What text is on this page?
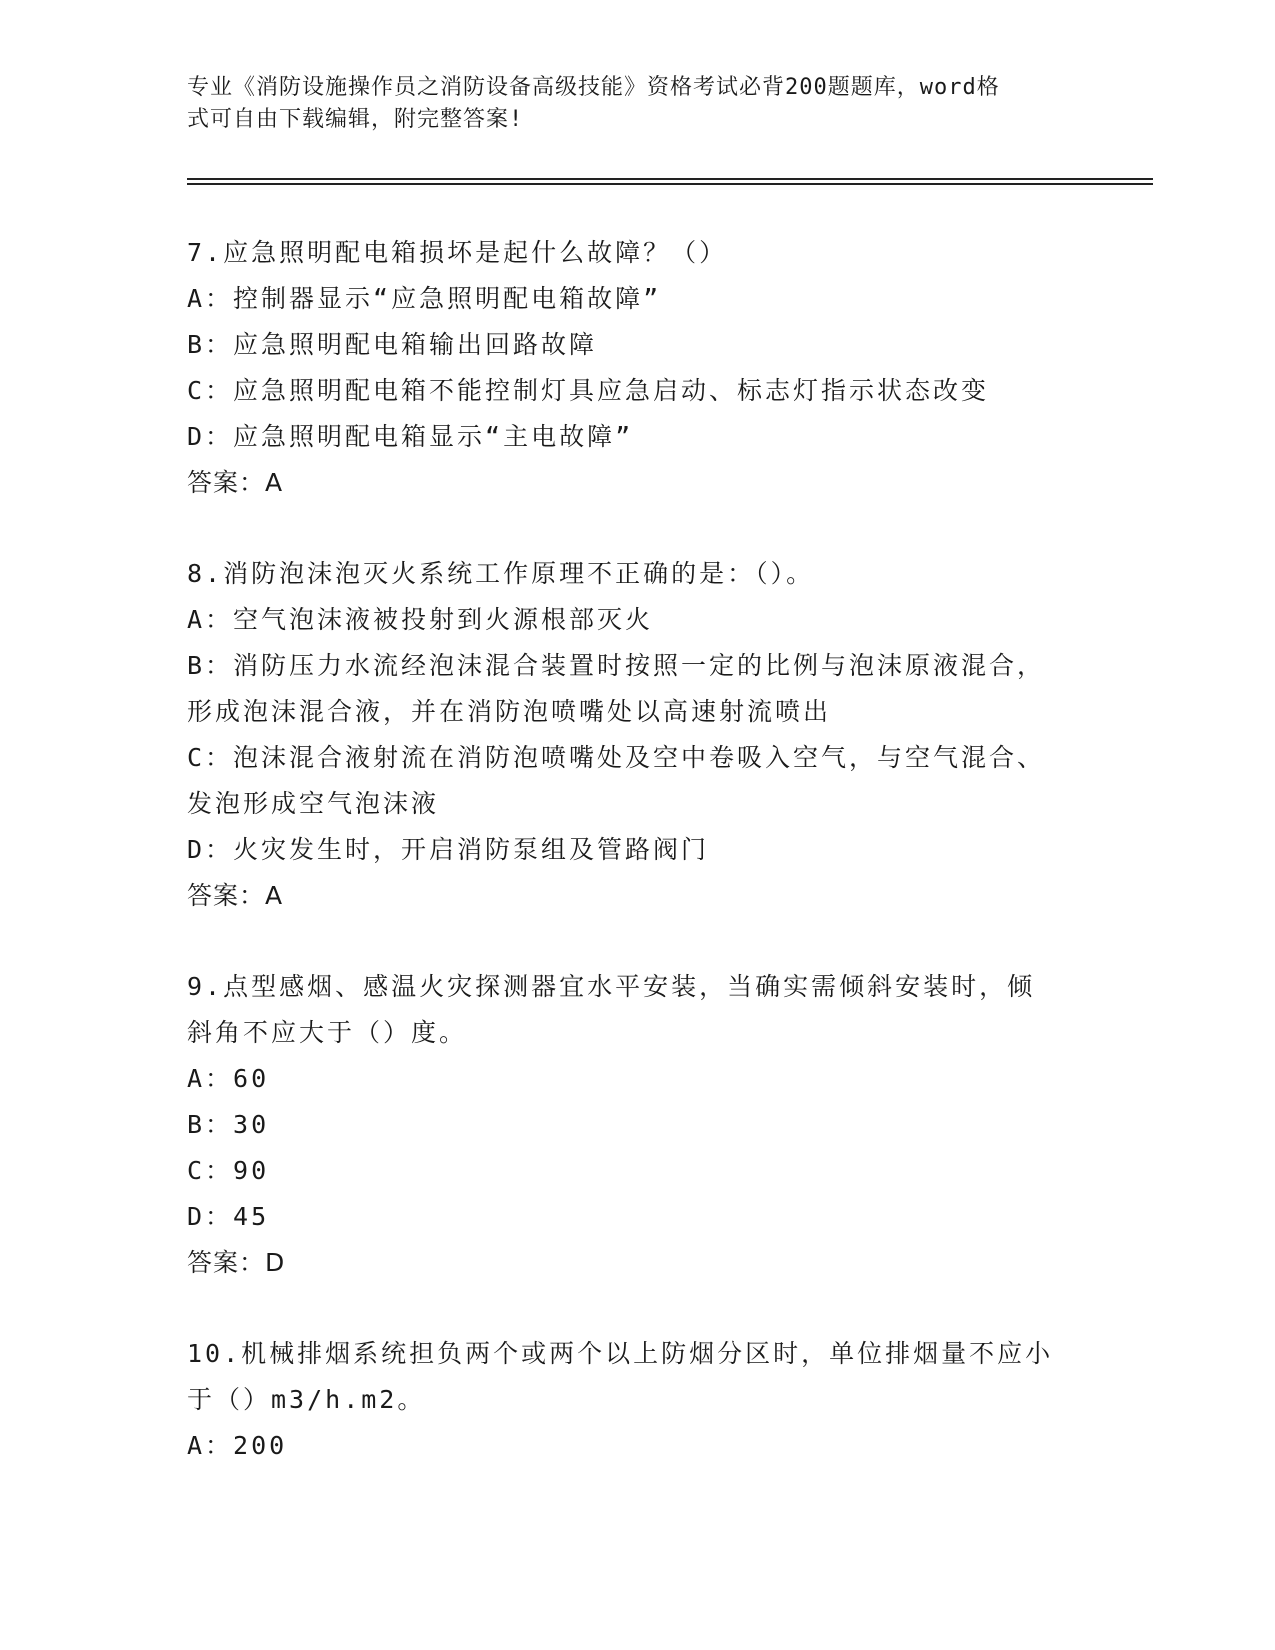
专业《消防设施操作员之消防设备高级技能》资格考试必背200题题库，word格
式可自由下载编辑，附完整答案!
7.应急照明配电箱损坏是起什么故障？（）
A：控制器显示“应急照明配电箱故障”
B：应急照明配电箱输出回路故障
C：应急照明配电箱不能控制灯具应急启动、标志灯指示状态改变
D：应急照明配电箱显示“主电故障”
答案：A
8.消防泡沫泡灭火系统工作原理不正确的是：（）。
A：空气泡沫液被投射到火源根部灭火
B：消防压力水流经泡沫混合装置时按照一定的比例与泡沫原液混合，
形成泡沫混合液，并在消防泡喷嘴处以高速射流喷出
C：泡沫混合液射流在消防泡喷嘴处及空中卷吸入空气，与空气混合、
发泡形成空气泡沫液
D：火灾发生时，开启消防泵组及管路阀门
答案：A
9.点型感烟、感温火灾探测器宜水平安装，当确实需倾斜安装时，倾
斜角不应大于（）度。
A：60
B：30
C：90
D：45
答案：D
10.机械排烟系统担负两个或两个以上防烟分区时，单位排烟量不应小
于（）m3/h.m2。
A：200
